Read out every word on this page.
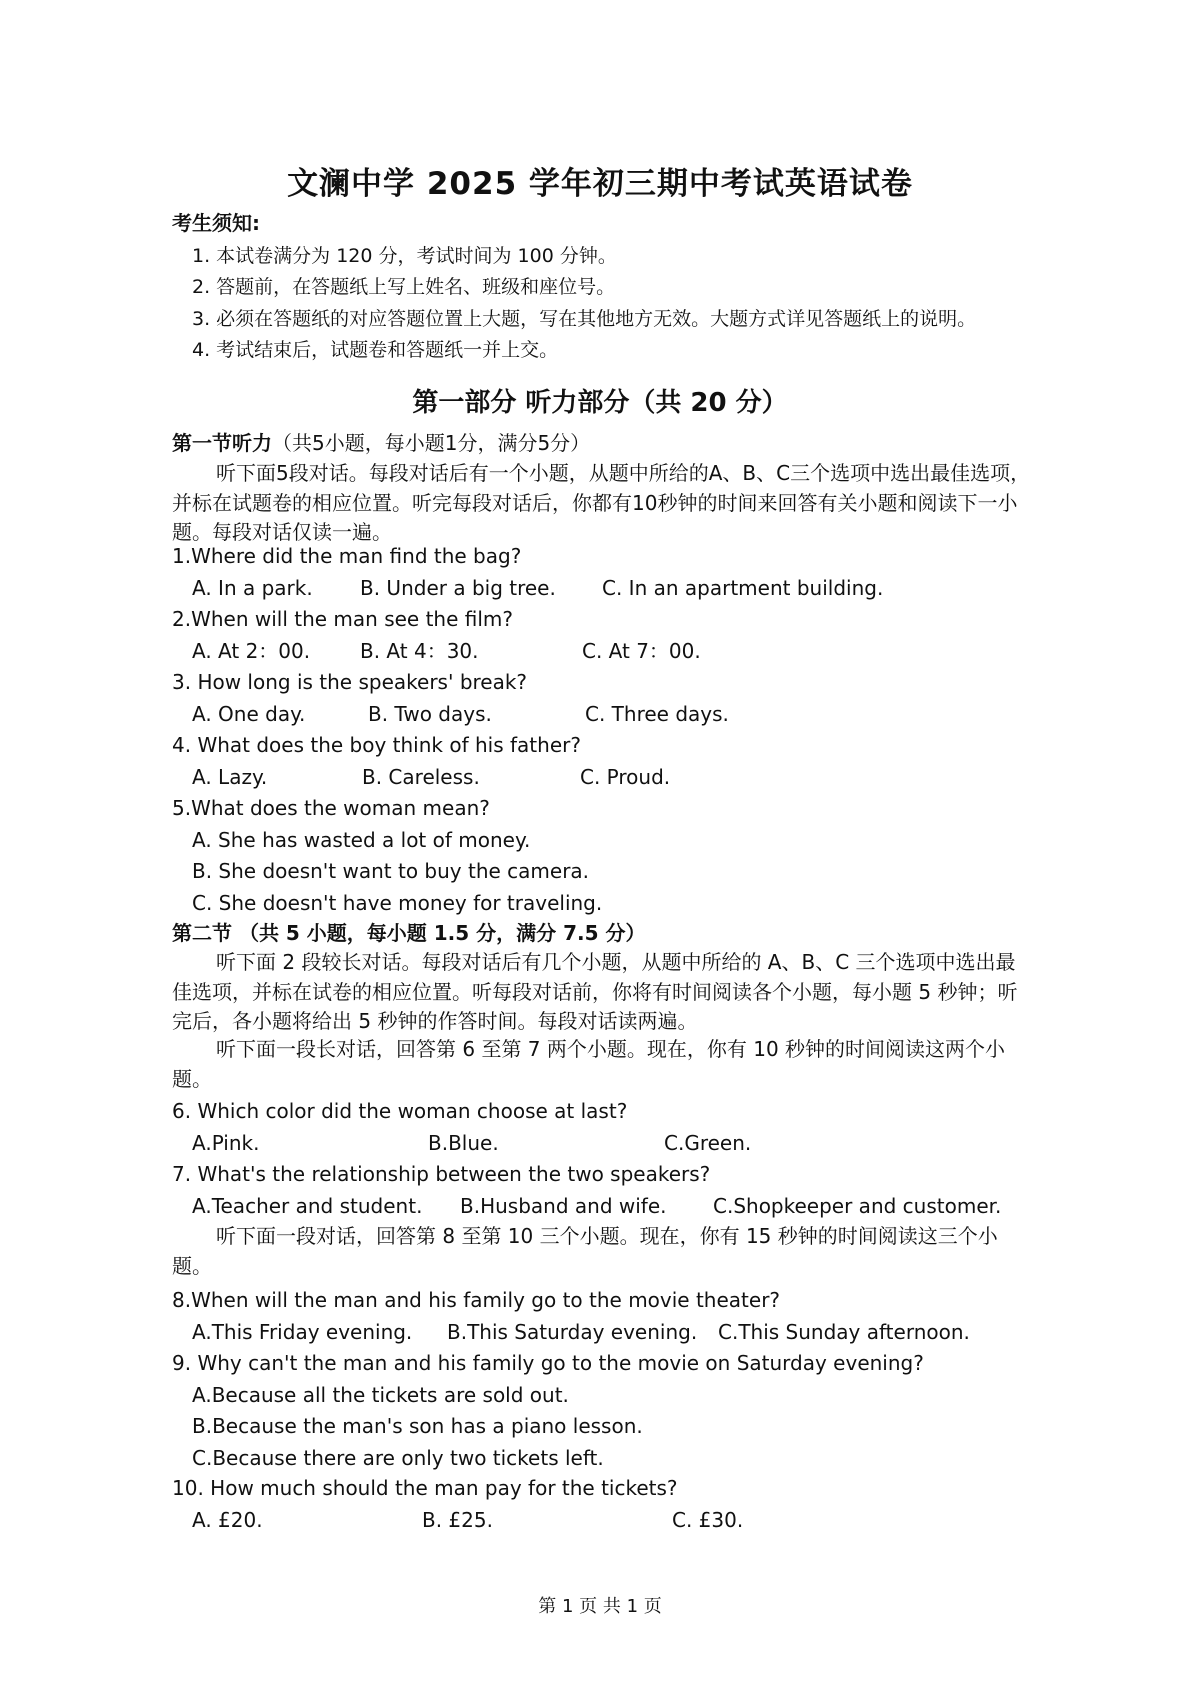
文澜中学 2025 学年初三期中考试英语试卷
考生须知:
1. 本试卷满分为 120 分，考试时间为 100 分钟。
2. 答题前，在答题纸上写上姓名、班级和座位号。
3. 必须在答题纸的对应答题位置上大题，写在其他地方无效。大题方式详见答题纸上的说明。
4. 考试结束后，试题卷和答题纸一并上交。
第一部分 听力部分（共 20 分）
第一节听力（共5小题，每小题1分，满分5分）
听下面5段对话。每段对话后有一个小题，从题中所给的A、B、C三个选项中选出最佳选项，并标在试题卷的相应位置。听完每段对话后，你都有10秒钟的时间来回答有关小题和阅读下一小题。每段对话仅读一遍。
1.Where did the man find the bag?
A. In a park. B. Under a big tree. C. In an apartment building.
2.When will the man see the film?
A. At 2：00. B. At 4：30.	C. At 7：00.
3. How long is the speakers' break?
A. One day.	B. Two days.	C. Three days.
4. What does the boy think of his father?
A. Lazy.	B. Careless.	C. Proud.
5.What does the woman mean?
A. She has wasted a lot of money.
B. She doesn't want to buy the camera.
C. She doesn't have money for traveling.
第二节 （共 5 小题，每小题 1.5 分，满分 7.5 分）
听下面 2 段较长对话。每段对话后有几个小题，从题中所给的 A、B、C 三个选项中选出最佳选项，并标在试卷的相应位置。听每段对话前，你将有时间阅读各个小题，每小题 5 秒钟；听完后，各小题将给出 5 秒钟的作答时间。每段对话读两遍。
听下面一段长对话，回答第 6 至第 7 两个小题。现在，你有 10 秒钟的时间阅读这两个小题。
6. Which color did the woman choose at last?
A.Pink.	B.Blue.	C.Green.
7. What's the relationship between the two speakers?
A.Teacher and student. B.Husband and wife. C.Shopkeeper and customer.
听下面一段对话，回答第 8 至第 10 三个小题。现在，你有 15 秒钟的时间阅读这三个小题。
8.When will the man and his family go to the movie theater?
A.This Friday evening. B.This Saturday evening. C.This Sunday afternoon.
9. Why can't the man and his family go to the movie on Saturday evening?
A.Because all the tickets are sold out.
B.Because the man's son has a piano lesson.
C.Because there are only two tickets left.
10. How much should the man pay for the tickets?
A. £20.	B. £25.	C. £30.
第 1 页 共 1 页
